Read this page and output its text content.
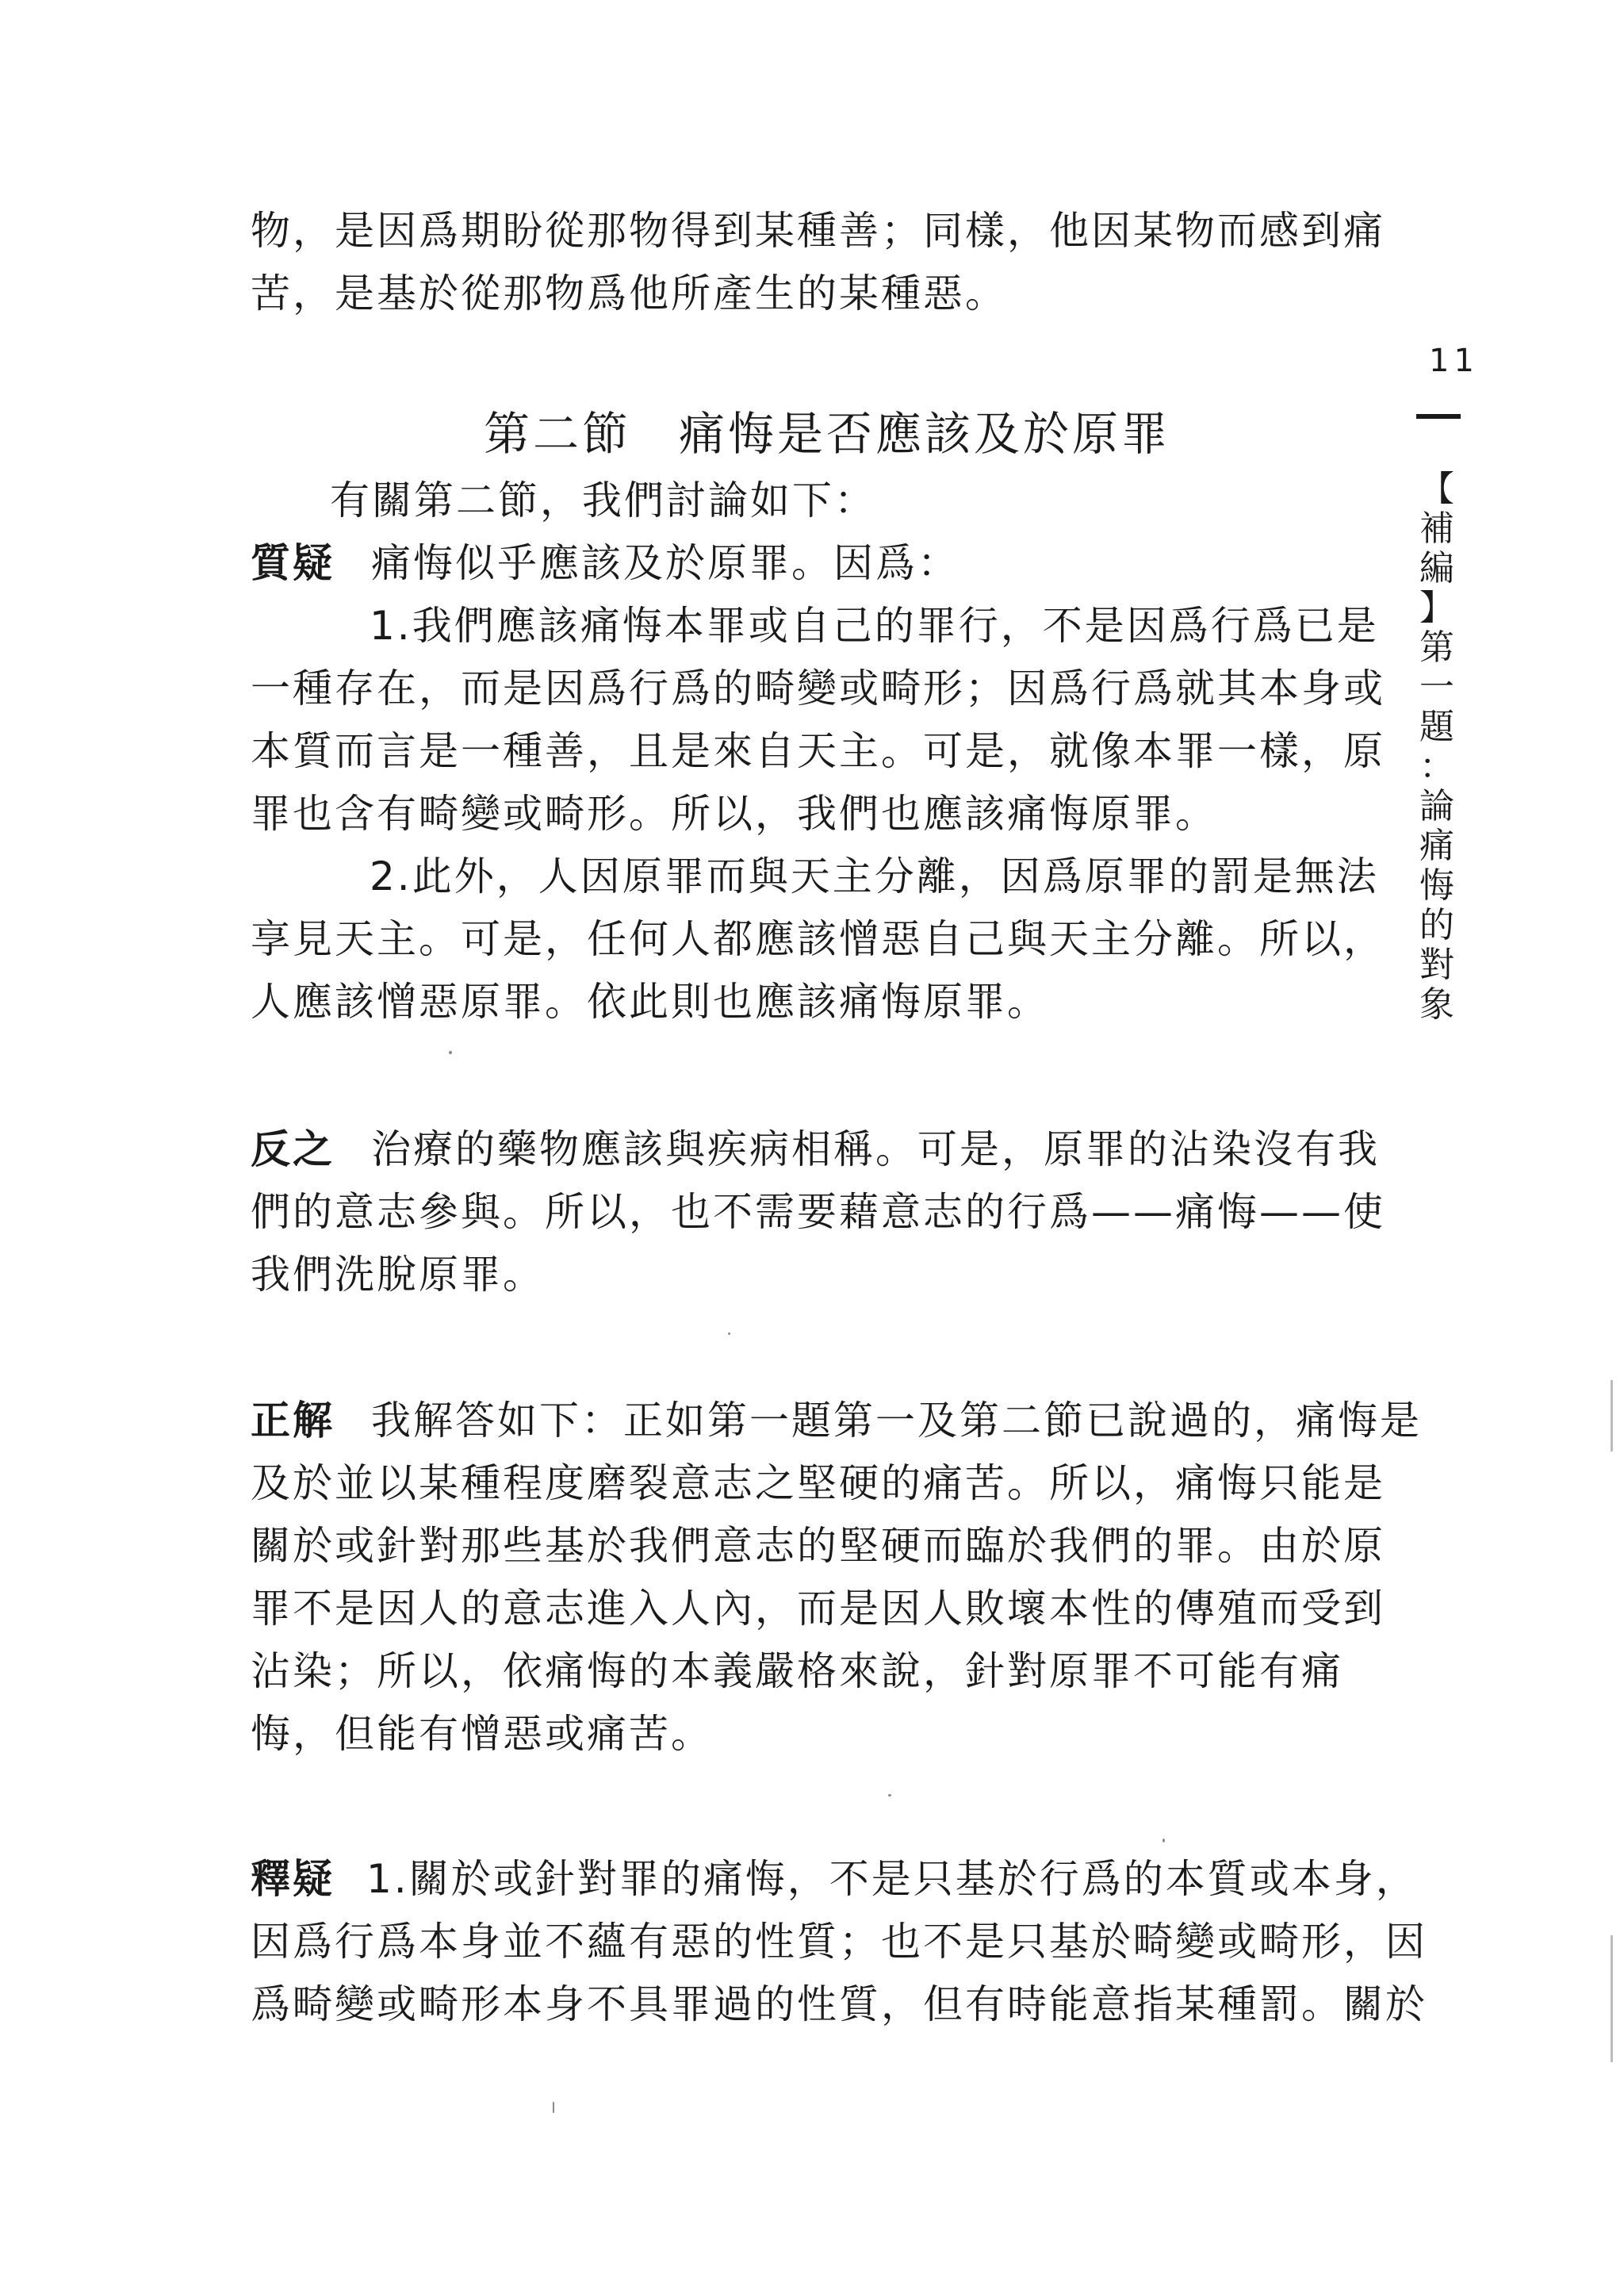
物，是因爲期盼從那物得到某種善；同樣，他因某物而感到痛
苦，是基於從那物爲他所產生的某種惡。
11
【
補
編
】
第
一
題
：
論
痛
悔
的
對
象
第二節 痛悔是否應該及於原罪
有關第二節，我們討論如下：
質疑 痛悔似乎應該及於原罪。因爲：
1.我們應該痛悔本罪或自己的罪行，不是因爲行爲已是
一種存在，而是因爲行爲的畸變或畸形；因爲行爲就其本身或
本質而言是一種善，且是來自天主。可是，就像本罪一樣，原
罪也含有畸變或畸形。所以，我們也應該痛悔原罪。
2.此外，人因原罪而與天主分離，因爲原罪的罰是無法
享見天主。可是，任何人都應該憎惡自己與天主分離。所以，
人應該憎惡原罪。依此則也應該痛悔原罪。
反之 治療的藥物應該與疾病相稱。可是，原罪的沾染沒有我
們的意志參與。所以，也不需要藉意志的行爲——痛悔——使
我們洗脫原罪。
正解 我解答如下：正如第一題第一及第二節已說過的，痛悔是
及於並以某種程度磨裂意志之堅硬的痛苦。所以，痛悔只能是
關於或針對那些基於我們意志的堅硬而臨於我們的罪。由於原
罪不是因人的意志進入人內，而是因人敗壞本性的傳殖而受到
沾染；所以，依痛悔的本義嚴格來說，針對原罪不可能有痛
悔，但能有憎惡或痛苦。
釋疑 1.關於或針對罪的痛悔，不是只基於行爲的本質或本身，
因爲行爲本身並不蘊有惡的性質；也不是只基於畸變或畸形，因
爲畸變或畸形本身不具罪過的性質，但有時能意指某種罰。關於
